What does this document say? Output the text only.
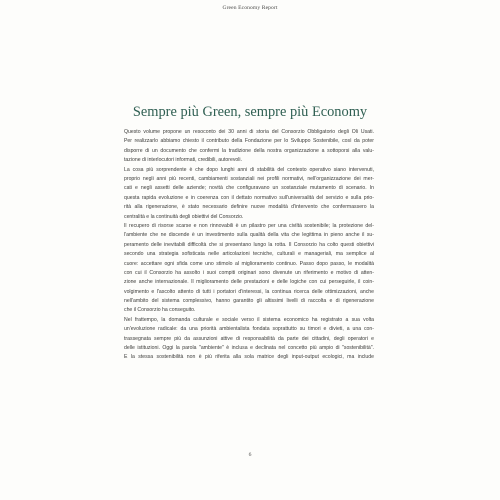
Green Economy Report
Sempre più Green, sempre più Economy
Questo volume propone un resoconto dei 30 anni di storia del Consorzio Obbligatorio degli Oli Usati.
Per realizzarlo abbiamo chiesto il contributo della Fondazione per lo Sviluppo Sostenibile, così da poter
disporre di un documento che confermi la tradizione della nostra organizzazione a sottoporsi alla valu-
tazione di interlocutori informati, credibili, autorevoli.
La cosa più sorprendente è che dopo lunghi anni di stabilità del contesto operativo siano intervenuti,
proprio negli anni più recenti, cambiamenti sostanziali nei profili normativi, nell'organizzazione dei mer-
cati e negli assetti delle aziende; novità che configuravano un sostanziale mutamento di scenario. In
questa rapida evoluzione e in coerenza con il dettato normativo sull'universalità del servizio e sulla prio-
rità alla rigenerazione, è stato necessario definire nuove modalità d'intervento che confermassero la
centralità e la continuità degli obiettivi del Consorzio.
Il recupero di risorse scarse e non rinnovabili è un pilastro per una civiltà sostenibile; la protezione del-
l'ambiente che ne discende è un investimento sulla qualità della vita che legittima in pieno anche il su-
peramento delle inevitabili difficoltà che si presentano lungo la rotta. Il Consorzio ha colto questi obiettivi
secondo una strategia sofisticata nelle articolazioni tecniche, culturali e manageriali, ma semplice al
cuore: accettare ogni sfida come uno stimolo al miglioramento continuo. Passo dopo passo, le modalità
con cui il Consorzio ha assolto i suoi compiti originari sono divenute un riferimento e motivo di atten-
zione anche internazionale. Il miglioramento delle prestazioni e delle logiche con cui perseguirle, il coin-
volgimento e l'ascolto attento di tutti i portatori d'interessi, la continua ricerca delle ottimizzazioni, anche
nell'ambito del sistema complessivo, hanno garantito gli altissimi livelli di raccolta e di rigenerazione
che il Consorzio ha conseguito.
Nel frattempo, la domanda culturale e sociale verso il sistema economico ha registrato a sua volta
un'evoluzione radicale: da una priorità ambientalista fondata soprattutto su timori e divieti, a una con-
trassegnata sempre più da assunzioni attive di responsabilità da parte dei cittadini, degli operatori e
delle istituzioni. Oggi la parola "ambiente" è inclusa e declinata nel concetto più ampio di "sostenibilità".
E la stessa sostenibilità non è più riferita alla sola matrice degli input-output ecologici, ma include
6
